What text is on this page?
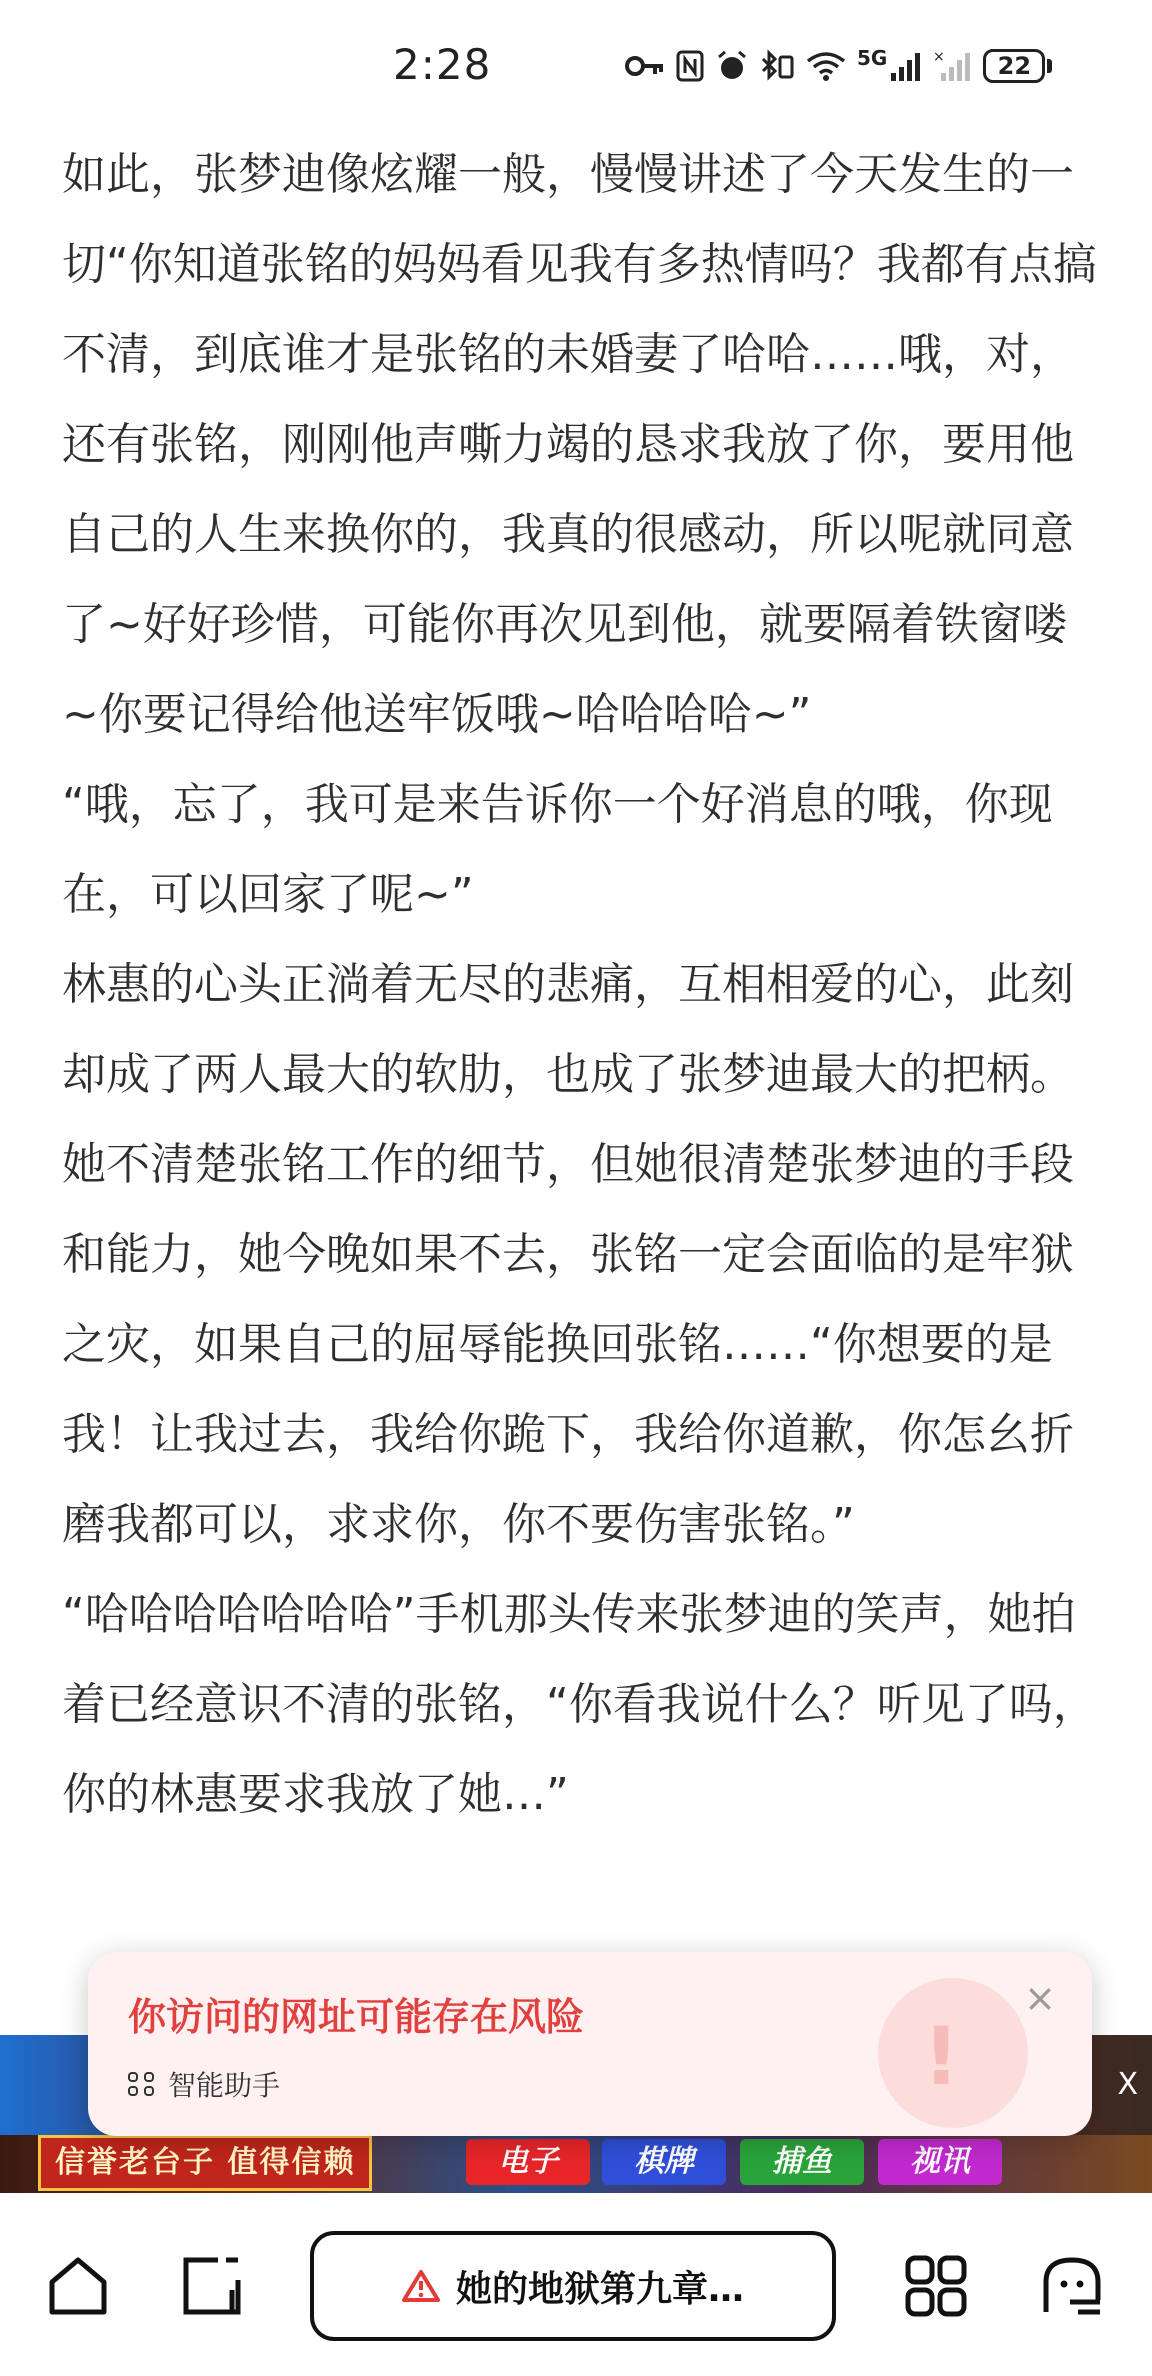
2:28	5G	×	22

如此，张梦迪像炫耀一般，慢慢讲述了今天发生的一切“你知道张铭的妈妈看见我有多热情吗？我都有点搞不清，到底谁才是张铭的未婚妻了哈哈……哦，对，还有张铭，刚刚他声嘶力竭的恳求我放了你，要用他自己的人生来换你的，我真的很感动，所以呢就同意了~好好珍惜，可能你再次见到他，就要隔着铁窗喽~你要记得给他送牢饭哦~哈哈哈哈~”

“哦，忘了，我可是来告诉你一个好消息的哦，你现在，可以回家了呢~”

林惠的心头正淌着无尽的悲痛，互相相爱的心，此刻却成了两人最大的软肋，也成了张梦迪最大的把柄。她不清楚张铭工作的细节，但她很清楚张梦迪的手段和能力，她今晚如果不去，张铭一定会面临的是牢狱之灾，如果自己的屈辱能换回张铭……“你想要的是我！让我过去，我给你跪下，我给你道歉，你怎幺折磨我都可以，求求你，你不要伤害张铭。”

“哈哈哈哈哈哈哈”手机那头传来张梦迪的笑声，她拍着已经意识不清的张铭，“你看我说什么？听见了吗，你的林惠要求我放了她…”

X
信誉老台子 值得信赖	电子	棋牌	捕鱼	视讯
!
你访问的网址可能存在风险	×
智能助手
她的地狱第九章…
